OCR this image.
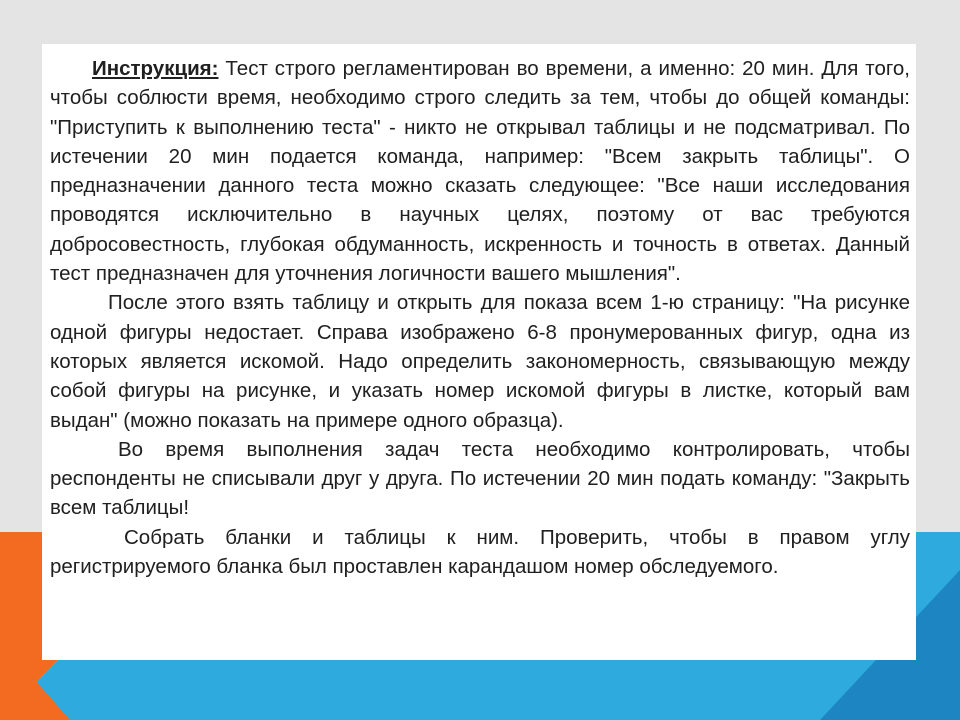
Инструкция: Тест строго регламентирован во времени, а именно: 20 мин. Для того, чтобы соблюсти время, необходимо строго следить за тем, чтобы до общей команды: "Приступить к выполнению теста" - никто не открывал таблицы и не подсматривал. По истечении 20 мин подается команда, например: "Всем закрыть таблицы". О предназначении данного теста можно сказать следующее: "Все наши исследования проводятся исключительно в научных целях, поэтому от вас требуются добросовестность, глубокая обдуманность, искренность и точность в ответах. Данный тест предназначен для уточнения логичности вашего мышления".

После этого взять таблицу и открыть для показа всем 1-ю страницу: "На рисунке одной фигуры недостает. Справа изображено 6-8 пронумерованных фигур, одна из которых является искомой. Надо определить закономерность, связывающую между собой фигуры на рисунке, и указать номер искомой фигуры в листке, который вам выдан" (можно показать на примере одного образца).

Во время выполнения задач теста необходимо контролировать, чтобы респонденты не списывали друг у друга. По истечении 20 мин подать команду: "Закрыть всем таблицы!

Собрать бланки и таблицы к ним. Проверить, чтобы в правом углу регистрируемого бланка был проставлен карандашом номер обследуемого.
